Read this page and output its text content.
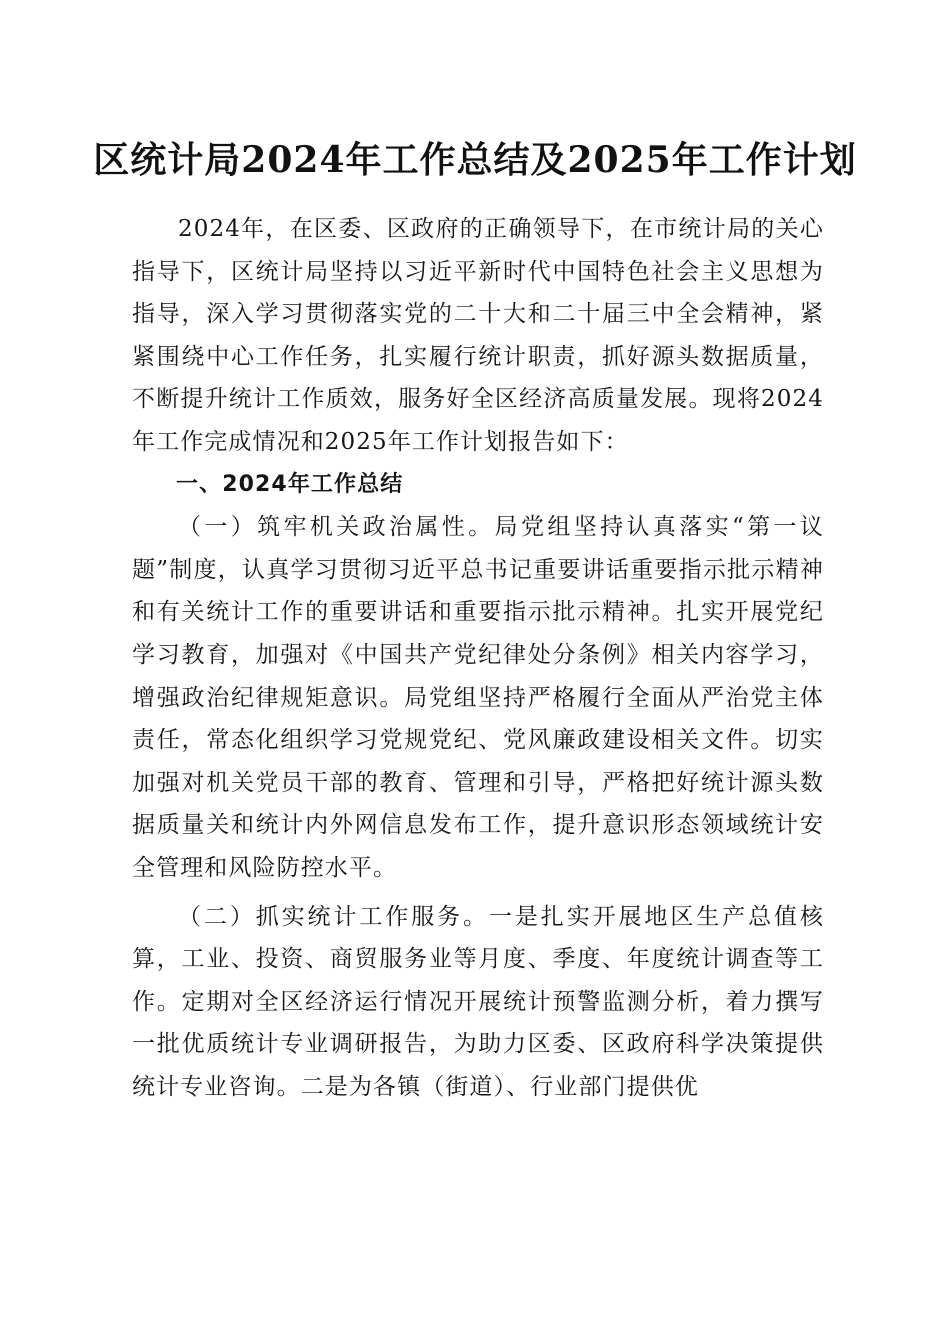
区统计局2024年工作总结及2025年工作计划

2024年，在区委、区政府的正确领导下，在市统计局的关心指导下，区统计局坚持以习近平新时代中国特色社会主义思想为指导，深入学习贯彻落实党的二十大和二十届三中全会精神，紧紧围绕中心工作任务，扎实履行统计职责，抓好源头数据质量，不断提升统计工作质效，服务好全区经济高质量发展。现将2024年工作完成情况和2025年工作计划报告如下：

一、2024年工作总结

（一）筑牢机关政治属性。局党组坚持认真落实“第一议题”制度，认真学习贯彻习近平总书记重要讲话重要指示批示精神和有关统计工作的重要讲话和重要指示批示精神。扎实开展党纪学习教育，加强对《中国共产党纪律处分条例》相关内容学习，增强政治纪律规矩意识。局党组坚持严格履行全面从严治党主体责任，常态化组织学习党规党纪、党风廉政建设相关文件。切实加强对机关党员干部的教育、管理和引导，严格把好统计源头数据质量关和统计内外网信息发布工作，提升意识形态领域统计安全管理和风险防控水平。

（二）抓实统计工作服务。一是扎实开展地区生产总值核算，工业、投资、商贸服务业等月度、季度、年度统计调查等工作。定期对全区经济运行情况开展统计预警监测分析，着力撰写一批优质统计专业调研报告，为助力区委、区政府科学决策提供统计专业咨询。二是为各镇（街道）、行业部门提供优
